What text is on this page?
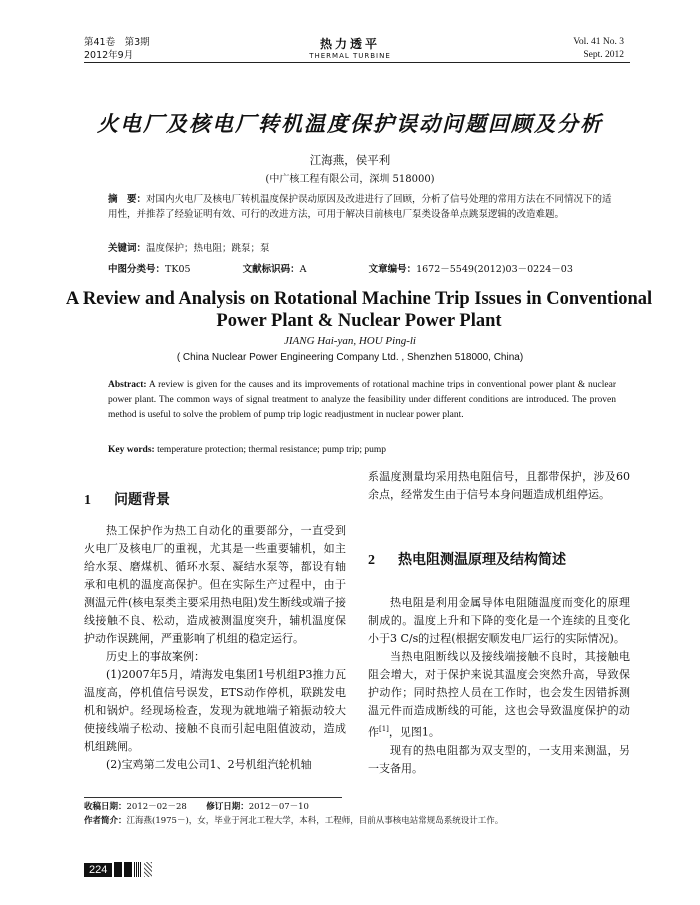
第41卷　第3期
2012年9月
热力透平
THERMAL TURBINE
Vol. 41 No. 3
Sept. 2012
火电厂及核电厂转机温度保护误动问题回顾及分析
江海燕，侯平利
(中广核工程有限公司，深圳 518000)
摘　要：对国内火电厂及核电厂转机温度保护误动原因及改进进行了回顾，分析了信号处理的常用方法在不同情况下的适用性，并推荐了经验证明有效、可行的改进方法，可用于解决目前核电厂泵类设备单点跳泵逻辑的改造难题。
关键词：温度保护；热电阻；跳泵；泵
中图分类号：TK05	文献标识码：A	文章编号：1672－5549(2012)03－0224－03
A Review and Analysis on Rotational Machine Trip Issues in Conventional Power Plant & Nuclear Power Plant
JIANG Hai-yan, HOU Ping-li
( China Nuclear Power Engineering Company Ltd. , Shenzhen 518000, China)
Abstract: A review is given for the causes and its improvements of rotational machine trips in conventional power plant & nuclear power plant. The common ways of signal treatment to analyze the feasibility under different conditions are introduced. The proven method is useful to solve the problem of pump trip logic readjustment in nuclear power plant.
Key words: temperature protection; thermal resistance; pump trip; pump
1 问题背景

热工保护作为热工自动化的重要部分，一直受到火电厂及核电厂的重视，尤其是一些重要辅机，如主给水泵、磨煤机、循环水泵、凝结水泵等，都设有轴承和电机的温度高保护。但在实际生产过程中，由于测温元件(核电泵类主要采用热电阻)发生断线或端子接线接触不良、松动，造成被测温度突升，辅机温度保护动作误跳闸，严重影响了机组的稳定运行。

历史上的事故案例：

(1)2007年5月，靖海发电集团1号机组P3推力瓦温度高，停机值信号误发，ETS动作停机，联跳发电机和锅炉。经现场检查，发现为就地端子箱振动较大使接线端子松动、接触不良而引起电阻值波动，造成机组跳闸。

(2)宝鸡第二发电公司1、2号机组汽轮机轴

系温度测量均采用热电阻信号，且都带保护，涉及60余点，经常发生由于信号本身问题造成机组停运。

2 热电阻测温原理及结构简述

热电阻是利用金属导体电阻随温度而变化的原理制成的。温度上升和下降的变化是一个连续的且变化小于3 C/s的过程(根据安顺发电厂运行的实际情况)。

当热电阻断线以及接线端接触不良时，其接触电阻会增大，对于保护来说其温度会突然升高，导致保护动作；同时热控人员在工作时，也会发生因错拆测温元件而造成断线的可能，这也会导致温度保护的动作[1]，见图1。

现有的热电阻都为双支型的，一支用来测温，另一支备用。

收稿日期：2012－02－28 修订日期：2012－07－10
作者简介：江海燕(1975－)，女，毕业于河北工程大学，本科，工程师，目前从事核电站常规岛系统设计工作。
224
